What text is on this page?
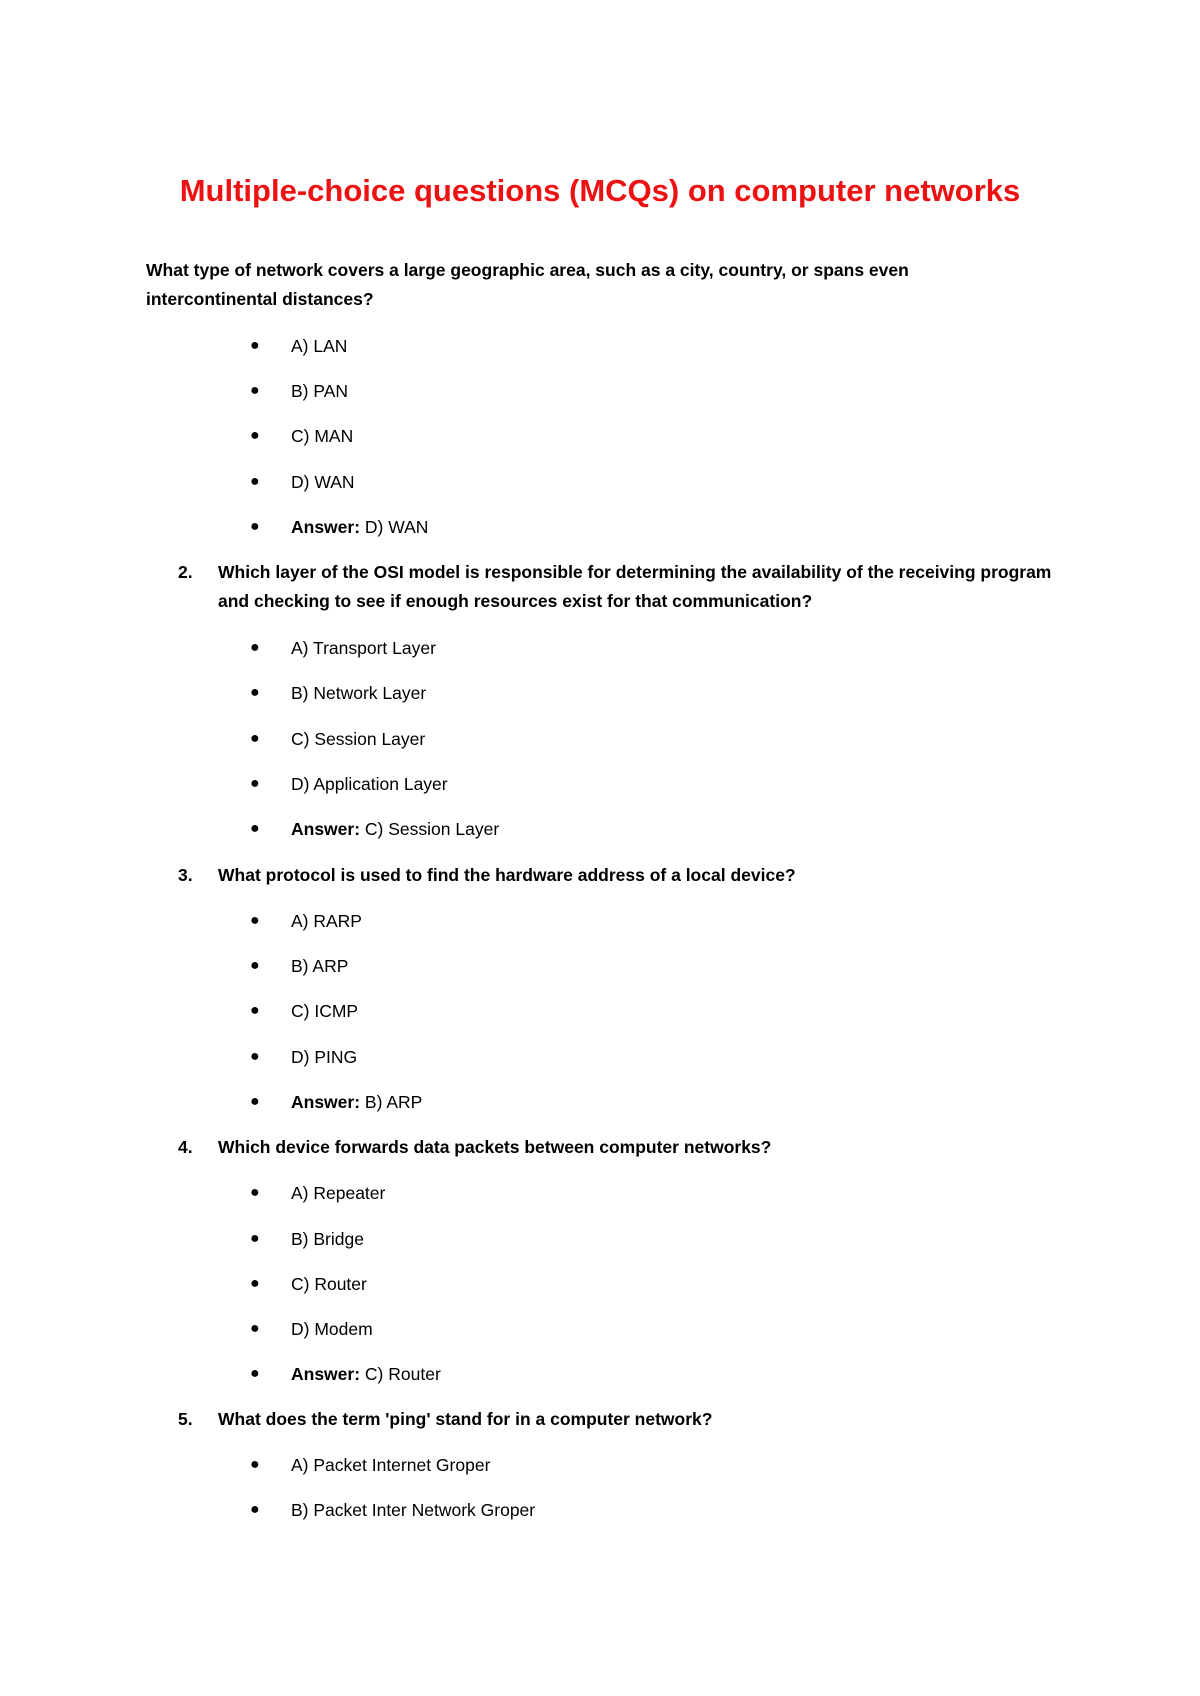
Multiple-choice questions (MCQs) on computer networks
What type of network covers a large geographic area, such as a city, country, or spans even intercontinental distances?
● A) LAN
● B) PAN
● C) MAN
● D) WAN
● Answer: D) WAN
2. Which layer of the OSI model is responsible for determining the availability of the receiving program and checking to see if enough resources exist for that communication?
● A) Transport Layer
● B) Network Layer
● C) Session Layer
● D) Application Layer
● Answer: C) Session Layer
3. What protocol is used to find the hardware address of a local device?
● A) RARP
● B) ARP
● C) ICMP
● D) PING
● Answer: B) ARP
4. Which device forwards data packets between computer networks?
● A) Repeater
● B) Bridge
● C) Router
● D) Modem
● Answer: C) Router
5. What does the term 'ping' stand for in a computer network?
● A) Packet Internet Groper
● B) Packet Inter Network Groper
